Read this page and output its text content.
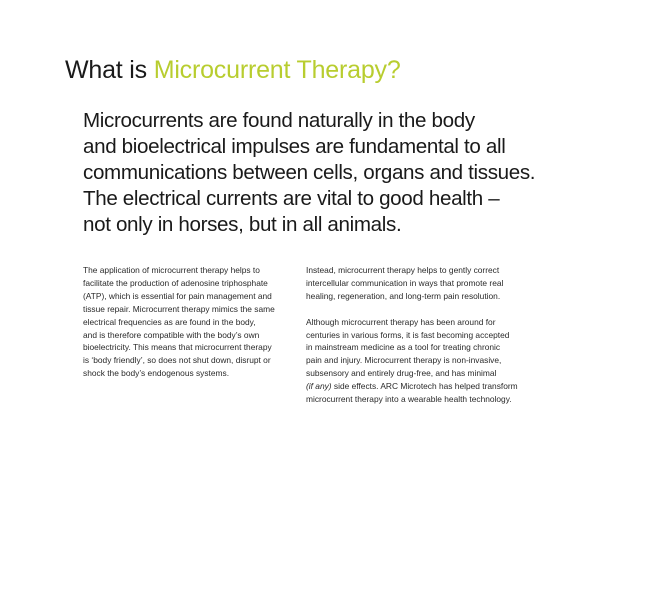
What is Microcurrent Therapy?
Microcurrents are found naturally in the body
and bioelectrical impulses are fundamental to all
communications between cells, organs and tissues.
The electrical currents are vital to good health –
not only in horses, but in all animals.

The application of microcurrent therapy helps to
facilitate the production of adenosine triphosphate
(ATP), which is essential for pain management and
tissue repair. Microcurrent therapy mimics the same
electrical frequencies as are found in the body,
and is therefore compatible with the body’s own
bioelectricity. This means that microcurrent therapy
is ‘body friendly’, so does not shut down, disrupt or
shock the body’s endogenous systems.

Instead, microcurrent therapy helps to gently correct
intercellular communication in ways that promote real
healing, regeneration, and long-term pain resolution.

Although microcurrent therapy has been around for
centuries in various forms, it is fast becoming accepted
in mainstream medicine as a tool for treating chronic
pain and injury. Microcurrent therapy is non-invasive,
subsensory and entirely drug-free, and has minimal
(if any) side effects. ARC Microtech has helped transform
microcurrent therapy into a wearable health technology.
